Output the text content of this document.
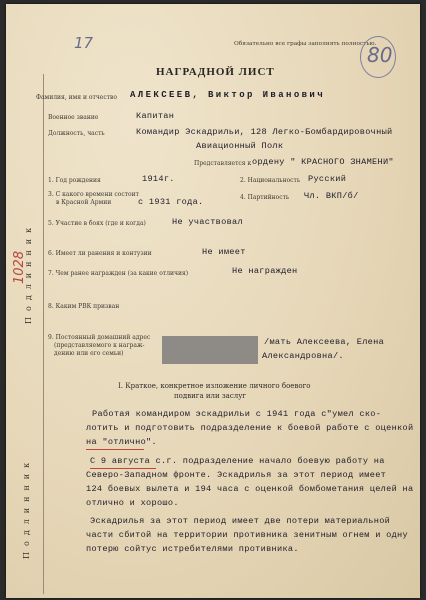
Обязательно все графы заполнять полностью.
17	80
НАГРАДНОЙ ЛИСТ
Подлинник
Подлинник
1028
Фамилия, имя и отчество АЛЕКСЕЕВ, Виктор Иванович
Военное звание	Капитан
Должность, часть	Командир Эскадрильи, 128 Легко-Бомбардировочный
Авиационный Полк
Представляется к ордену " КРАСНОГО ЗНАМЕНИ"
1. Год рождения	1914г.	2. Национальность Русский
3. С какого времени состоит
в Красной Армии	с 1931 года.	4. Партийность Чл. ВКП/б/
5. Участие в боях (где и когда)	Не участвовал
6. Имеет ли ранения и контузии	Не имеет
7. Чем ранее награжден (за какие отличия)	Не награжден
8. Каким РВК призван
9. Постоянный домашний адрес
(представляемого к награж-
дению или его семьи)
/мать Алексеева, Елена
Александровна/.
I. Краткое, конкретное изложение личного боевого
подвига или заслуг
Работая командиром эскадрильи с 1941 года с"умел ско-
лотить и подготовить подразделение к боевой работе с оценкой
на "отлично".
С 9 августа с.г. подразделение начало боевую работу на
Северо-Западном фронте. Эскадрилья за этот период имеет
124 боевых вылета и 194 часа с оценкой бомбометания целей на
отлично и хорошо.
Эскадрилья за этот период имеет две потери материальной
части сбитой на территории противника зенитным огнем и одну
потерю сойтус истребителями противника.
